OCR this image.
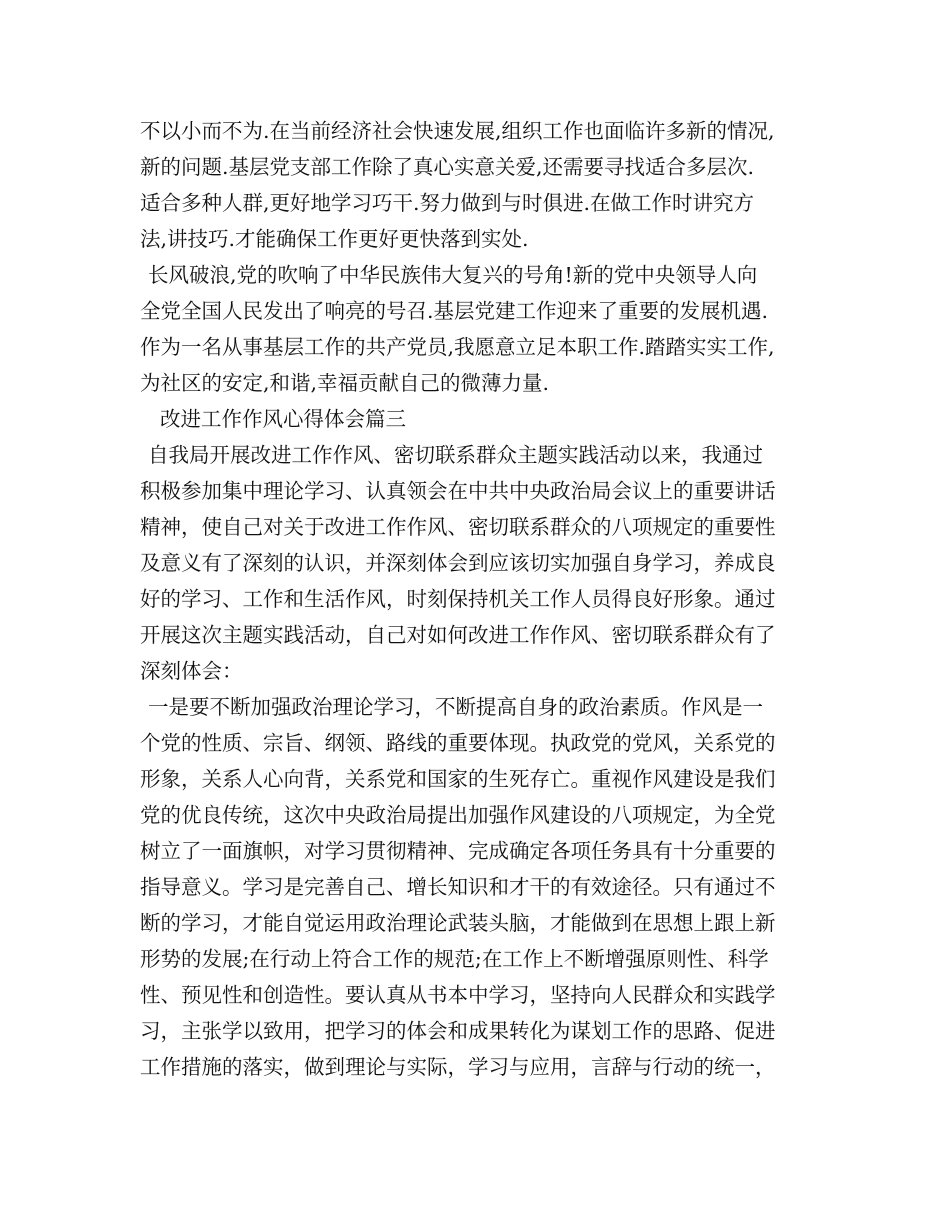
不以小而不为.在当前经济社会快速发展,组织工作也面临许多新的情况,
新的问题.基层党支部工作除了真心实意关爱,还需要寻找适合多层次.
适合多种人群,更好地学习巧干.努力做到与时俱进.在做工作时讲究方
法,讲技巧.才能确保工作更好更快落到实处.
长风破浪,党的吹响了中华民族伟大复兴的号角!新的党中央领导人向
全党全国人民发出了响亮的号召.基层党建工作迎来了重要的发展机遇.
作为一名从事基层工作的共产党员,我愿意立足本职工作.踏踏实实工作,
为社区的安定,和谐,幸福贡献自己的微薄力量.
改进工作作风心得体会篇三
自我局开展改进工作作风、密切联系群众主题实践活动以来，我通过
积极参加集中理论学习、认真领会在中共中央政治局会议上的重要讲话
精神，使自己对关于改进工作作风、密切联系群众的八项规定的重要性
及意义有了深刻的认识，并深刻体会到应该切实加强自身学习，养成良
好的学习、工作和生活作风，时刻保持机关工作人员得良好形象。通过
开展这次主题实践活动，自己对如何改进工作作风、密切联系群众有了
深刻体会：
一是要不断加强政治理论学习，不断提高自身的政治素质。作风是一
个党的性质、宗旨、纲领、路线的重要体现。执政党的党风，关系党的
形象，关系人心向背，关系党和国家的生死存亡。重视作风建设是我们
党的优良传统，这次中央政治局提出加强作风建设的八项规定，为全党
树立了一面旗帜，对学习贯彻精神、完成确定各项任务具有十分重要的
指导意义。学习是完善自己、增长知识和才干的有效途径。只有通过不
断的学习，才能自觉运用政治理论武装头脑，才能做到在思想上跟上新
形势的发展;在行动上符合工作的规范;在工作上不断增强原则性、科学
性、预见性和创造性。要认真从书本中学习，坚持向人民群众和实践学
习，主张学以致用，把学习的体会和成果转化为谋划工作的思路、促进
工作措施的落实，做到理论与实际，学习与应用，言辞与行动的统一，
